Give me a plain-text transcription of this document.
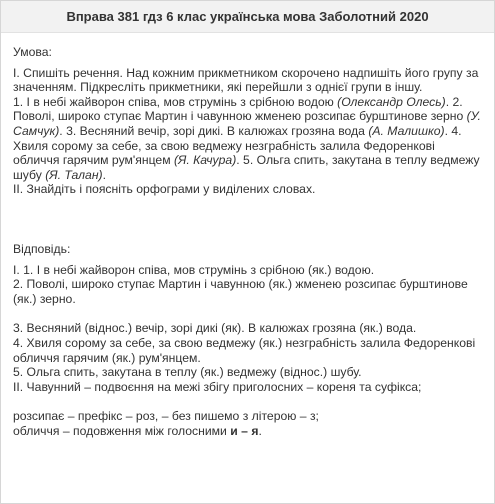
Вправа 381 гдз 6 клас українська мова Заболотний 2020

Умова:

І. Спишіть речення. Над кожним прикметником скорочено надпишіть його групу за значенням. Підкресліть прикметники, які перейшли з однієї групи в іншу.

1. І в небі жайворон співа, мов струмінь з срібною водою (Олександр Олесь). 2. Поволі, широко ступає Мартин і чавунною жменею розсипає бурштинове зерно (У. Самчук). 3. Весняний вечір, зорі дикі. В калюжах грозяна вода (А. Малишко). 4. Хвиля сорому за себе, за свою ведмежу незграбність залила Федоренкові обличчя гарячим рум'янцем (Я. Качура). 5. Ольга спить, закутана в теплу ведмежу шубу (Я. Талан).

ІІ. Знайдіть і поясніть орфограми у виділених словах.

Відповідь:

І. 1. І в небі жайворон співа, мов струмінь з срібною (як.) водою.

2. Поволі, широко ступає Мартин і чавунною (як.) жменею розсипає бурштинове (як.) зерно.

3. Весняний (віднос.) вечір, зорі дикі (як). В калюжах грозяна (як.) вода.

4. Хвиля сорому за себе, за свою ведмежу (як.) незграбність залила Федоренкові обличчя гарячим (як.) рум'янцем.

5. Ольга спить, закутана в теплу (як.) ведмежу (віднос.) шубу.

ІІ. Чавунний – подвоєння на межі збігу приголосних – кореня та суфікса;

розсипає – префікс – роз, – без пишемо з літерою – з;

обличчя – подовження між голосними и – я.
